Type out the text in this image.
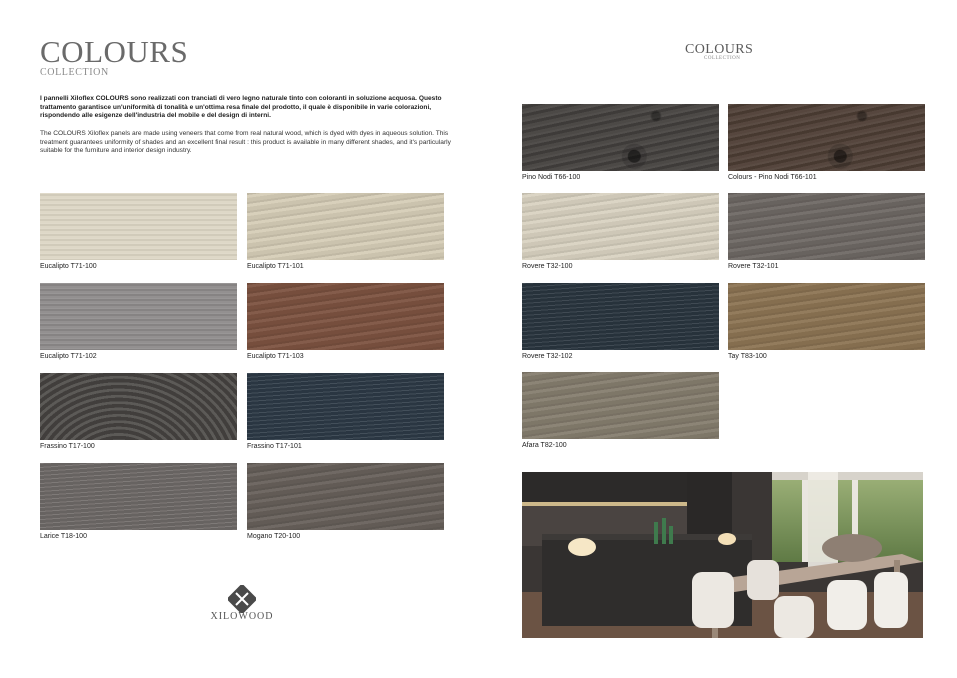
COLOURS
COLLECTION
I pannelli Xiloflex COLOURS sono realizzati con tranciati di vero legno naturale tinto con coloranti in soluzione acquosa. Questo trattamento garantisce un'uniformità di tonalità e un'ottima resa finale del prodotto, il quale è disponibile in varie colorazioni, rispondendo alle esigenze dell'industria del mobile e del design di interni.
The COLOURS Xiloflex panels are made using veneers that come from real natural wood, which is dyed with dyes in aqueous solution. This treatment guarantees uniformity of shades and an excellent final result : this product is available in many different shades, and it's particularly suitable for the furniture and interior design industry.
Eucalipto T71-100	Eucalipto T71-101
Eucalipto T71-102	Eucalipto T71-103
Frassino T17-100	Frassino T17-101
Larice T18-100	Mogano T20-100
XILOWOOD
COLOURS
COLLECTION
Pino Nodi T66-100	Colours - Pino Nodi T66-101
Rovere T32-100	Rovere T32-101
Rovere T32-102	Tay T83-100
Afara T82-100
